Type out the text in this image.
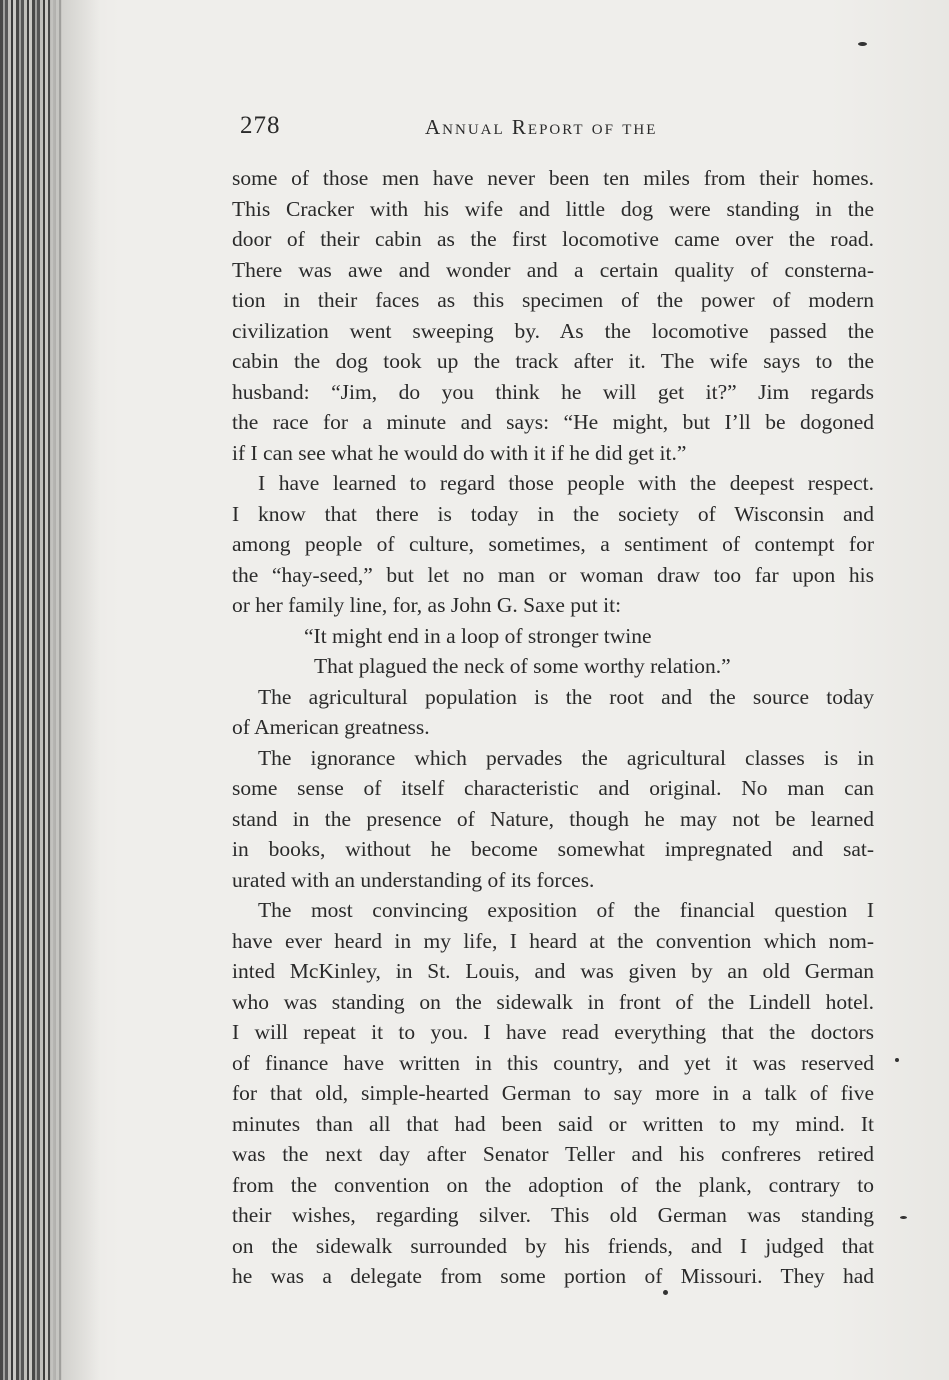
278	Annual Report of the
some of those men have never been ten miles from their homes.
This Cracker with his wife and little dog were standing in the
door of their cabin as the first locomotive came over the road.
There was awe and wonder and a certain quality of consterna-
tion in their faces as this specimen of the power of modern
civilization went sweeping by. As the locomotive passed the
cabin the dog took up the track after it. The wife says to the
husband: “Jim, do you think he will get it?” Jim regards
the race for a minute and says: “He might, but I’ll be dogoned
if I can see what he would do with it if he did get it.”
I have learned to regard those people with the deepest respect.
I know that there is today in the society of Wisconsin and
among people of culture, sometimes, a sentiment of contempt for
the “hay-seed,” but let no man or woman draw too far upon his
or her family line, for, as John G. Saxe put it:
“It might end in a loop of stronger twine
That plagued the neck of some worthy relation.”
The agricultural population is the root and the source today
of American greatness.
The ignorance which pervades the agricultural classes is in
some sense of itself characteristic and original. No man can
stand in the presence of Nature, though he may not be learned
in books, without he become somewhat impregnated and sat-
urated with an understanding of its forces.
The most convincing exposition of the financial question I
have ever heard in my life, I heard at the convention which nom-
inted McKinley, in St. Louis, and was given by an old German
who was standing on the sidewalk in front of the Lindell hotel.
I will repeat it to you. I have read everything that the doctors
of finance have written in this country, and yet it was reserved
for that old, simple-hearted German to say more in a talk of five
minutes than all that had been said or written to my mind. It
was the next day after Senator Teller and his confreres retired
from the convention on the adoption of the plank, contrary to
their wishes, regarding silver. This old German was standing
on the sidewalk surrounded by his friends, and I judged that
he was a delegate from some portion of Missouri. They had
